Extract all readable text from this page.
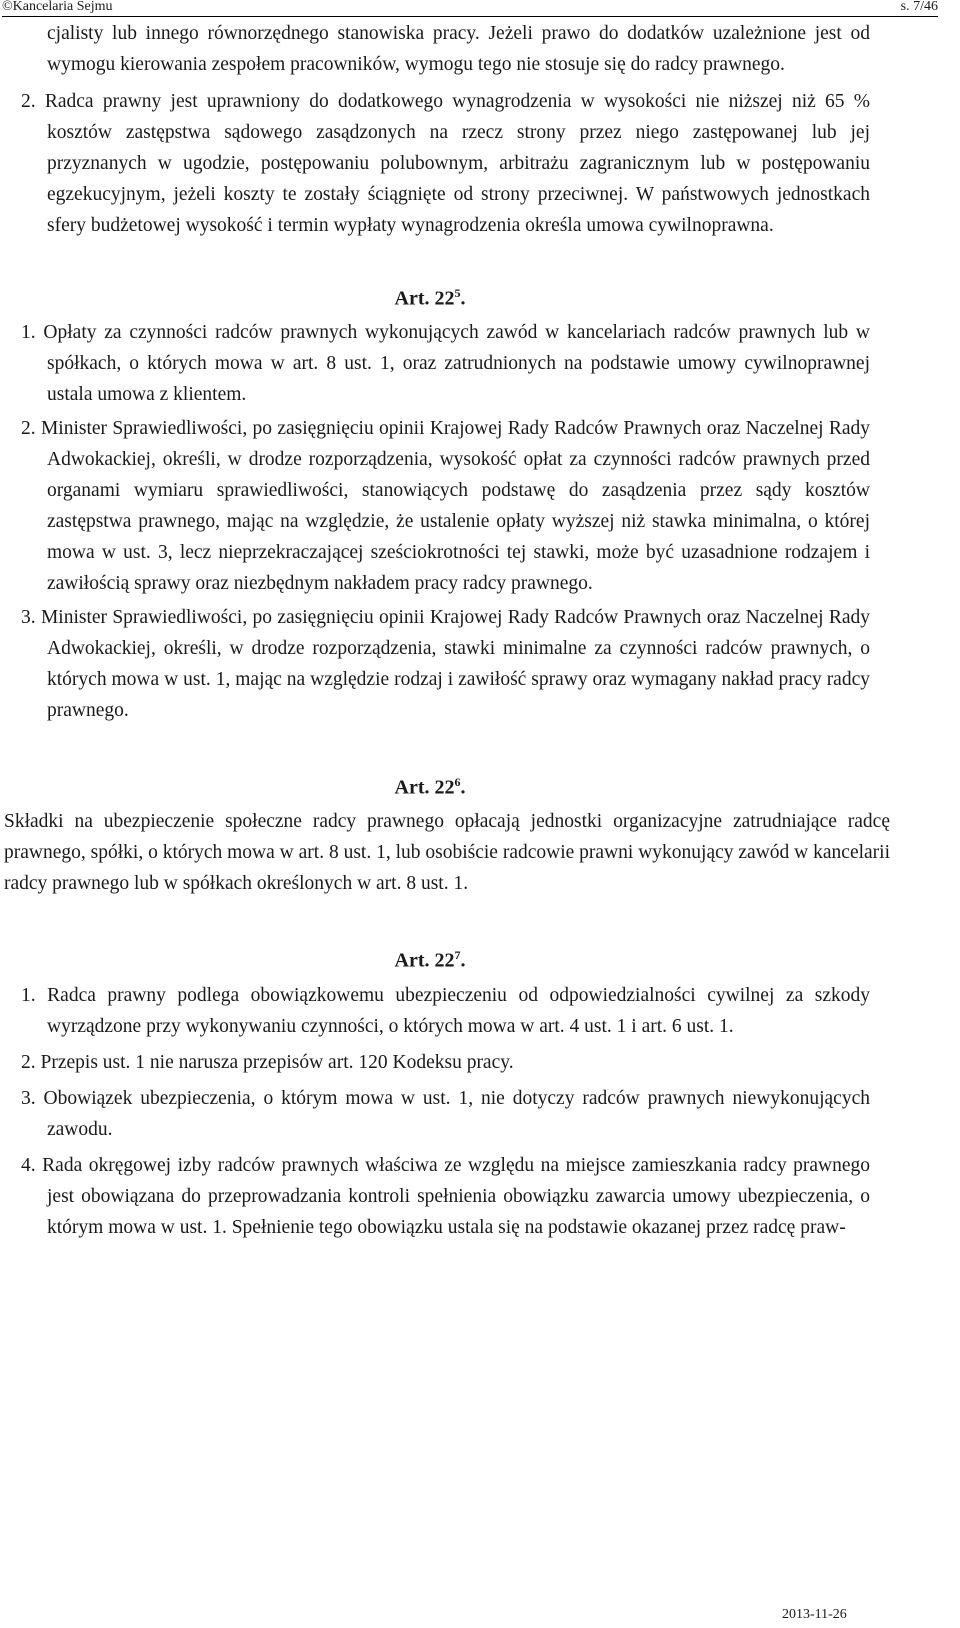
©Kancelaria Sejmu	s. 7/46

cjalisty lub innego równorzędnego stanowiska pracy. Jeżeli prawo do dodatków uzależnione jest od wymogu kierowania zespołem pracowników, wymogu tego nie stosuje się do radcy prawnego.

2. Radca prawny jest uprawniony do dodatkowego wynagrodzenia w wysokości nie niższej niż 65 % kosztów zastępstwa sądowego zasądzonych na rzecz strony przez niego zastępowanej lub jej przyznanych w ugodzie, postępowaniu polubownym, arbitrażu zagranicznym lub w postępowaniu egzekucyjnym, jeżeli koszty te zostały ściągnięte od strony przeciwnej. W państwowych jednostkach sfery budżetowej wysokość i termin wypłaty wynagrodzenia określa umowa cywilnoprawna.

Art. $22^5$.

1. Opłaty za czynności radców prawnych wykonujących zawód w kancelariach radców prawnych lub w spółkach, o których mowa w art. 8 ust. 1, oraz zatrudnionych na podstawie umowy cywilnoprawnej ustala umowa z klientem.

2. Minister Sprawiedliwości, po zasięgnięciu opinii Krajowej Rady Radców Prawnych oraz Naczelnej Rady Adwokackiej, określi, w drodze rozporządzenia, wysokość opłat za czynności radców prawnych przed organami wymiaru sprawiedliwości, stanowiących podstawę do zasądzenia przez sądy kosztów zastępstwa prawnego, mając na względzie, że ustalenie opłaty wyższej niż stawka minimalna, o której mowa w ust. 3, lecz nieprzekraczającej sześciokrotności tej stawki, może być uzasadnione rodzajem i zawiłością sprawy oraz niezbędnym nakładem pracy radcy prawnego.

3. Minister Sprawiedliwości, po zasięgnięciu opinii Krajowej Rady Radców Prawnych oraz Naczelnej Rady Adwokackiej, określi, w drodze rozporządzenia, stawki minimalne za czynności radców prawnych, o których mowa w ust. 1, mając na względzie rodzaj i zawiłość sprawy oraz wymagany nakład pracy radcy prawnego.

Art. $22^6$.

Składki na ubezpieczenie społeczne radcy prawnego opłacają jednostki organizacyjne zatrudniające radcę prawnego, spółki, o których mowa w art. 8 ust. 1, lub osobiście radcowie prawni wykonujący zawód w kancelarii radcy prawnego lub w spółkach określonych w art. 8 ust. 1.

Art. $22^7$.

1. Radca prawny podlega obowiązkowemu ubezpieczeniu od odpowiedzialności cywilnej za szkody wyrządzone przy wykonywaniu czynności, o których mowa w art. 4 ust. 1 i art. 6 ust. 1.

2. Przepis ust. 1 nie narusza przepisów art. 120 Kodeksu pracy.

3. Obowiązek ubezpieczenia, o którym mowa w ust. 1, nie dotyczy radców prawnych niewykonujących zawodu.

4. Rada okręgowej izby radców prawnych właściwa ze względu na miejsce zamieszkania radcy prawnego jest obowiązana do przeprowadzania kontroli spełnienia obowiązku zawarcia umowy ubezpieczenia, o którym mowa w ust. 1. Spełnienie tego obowiązku ustala się na podstawie okazanej przez radcę praw-

2013-11-26
